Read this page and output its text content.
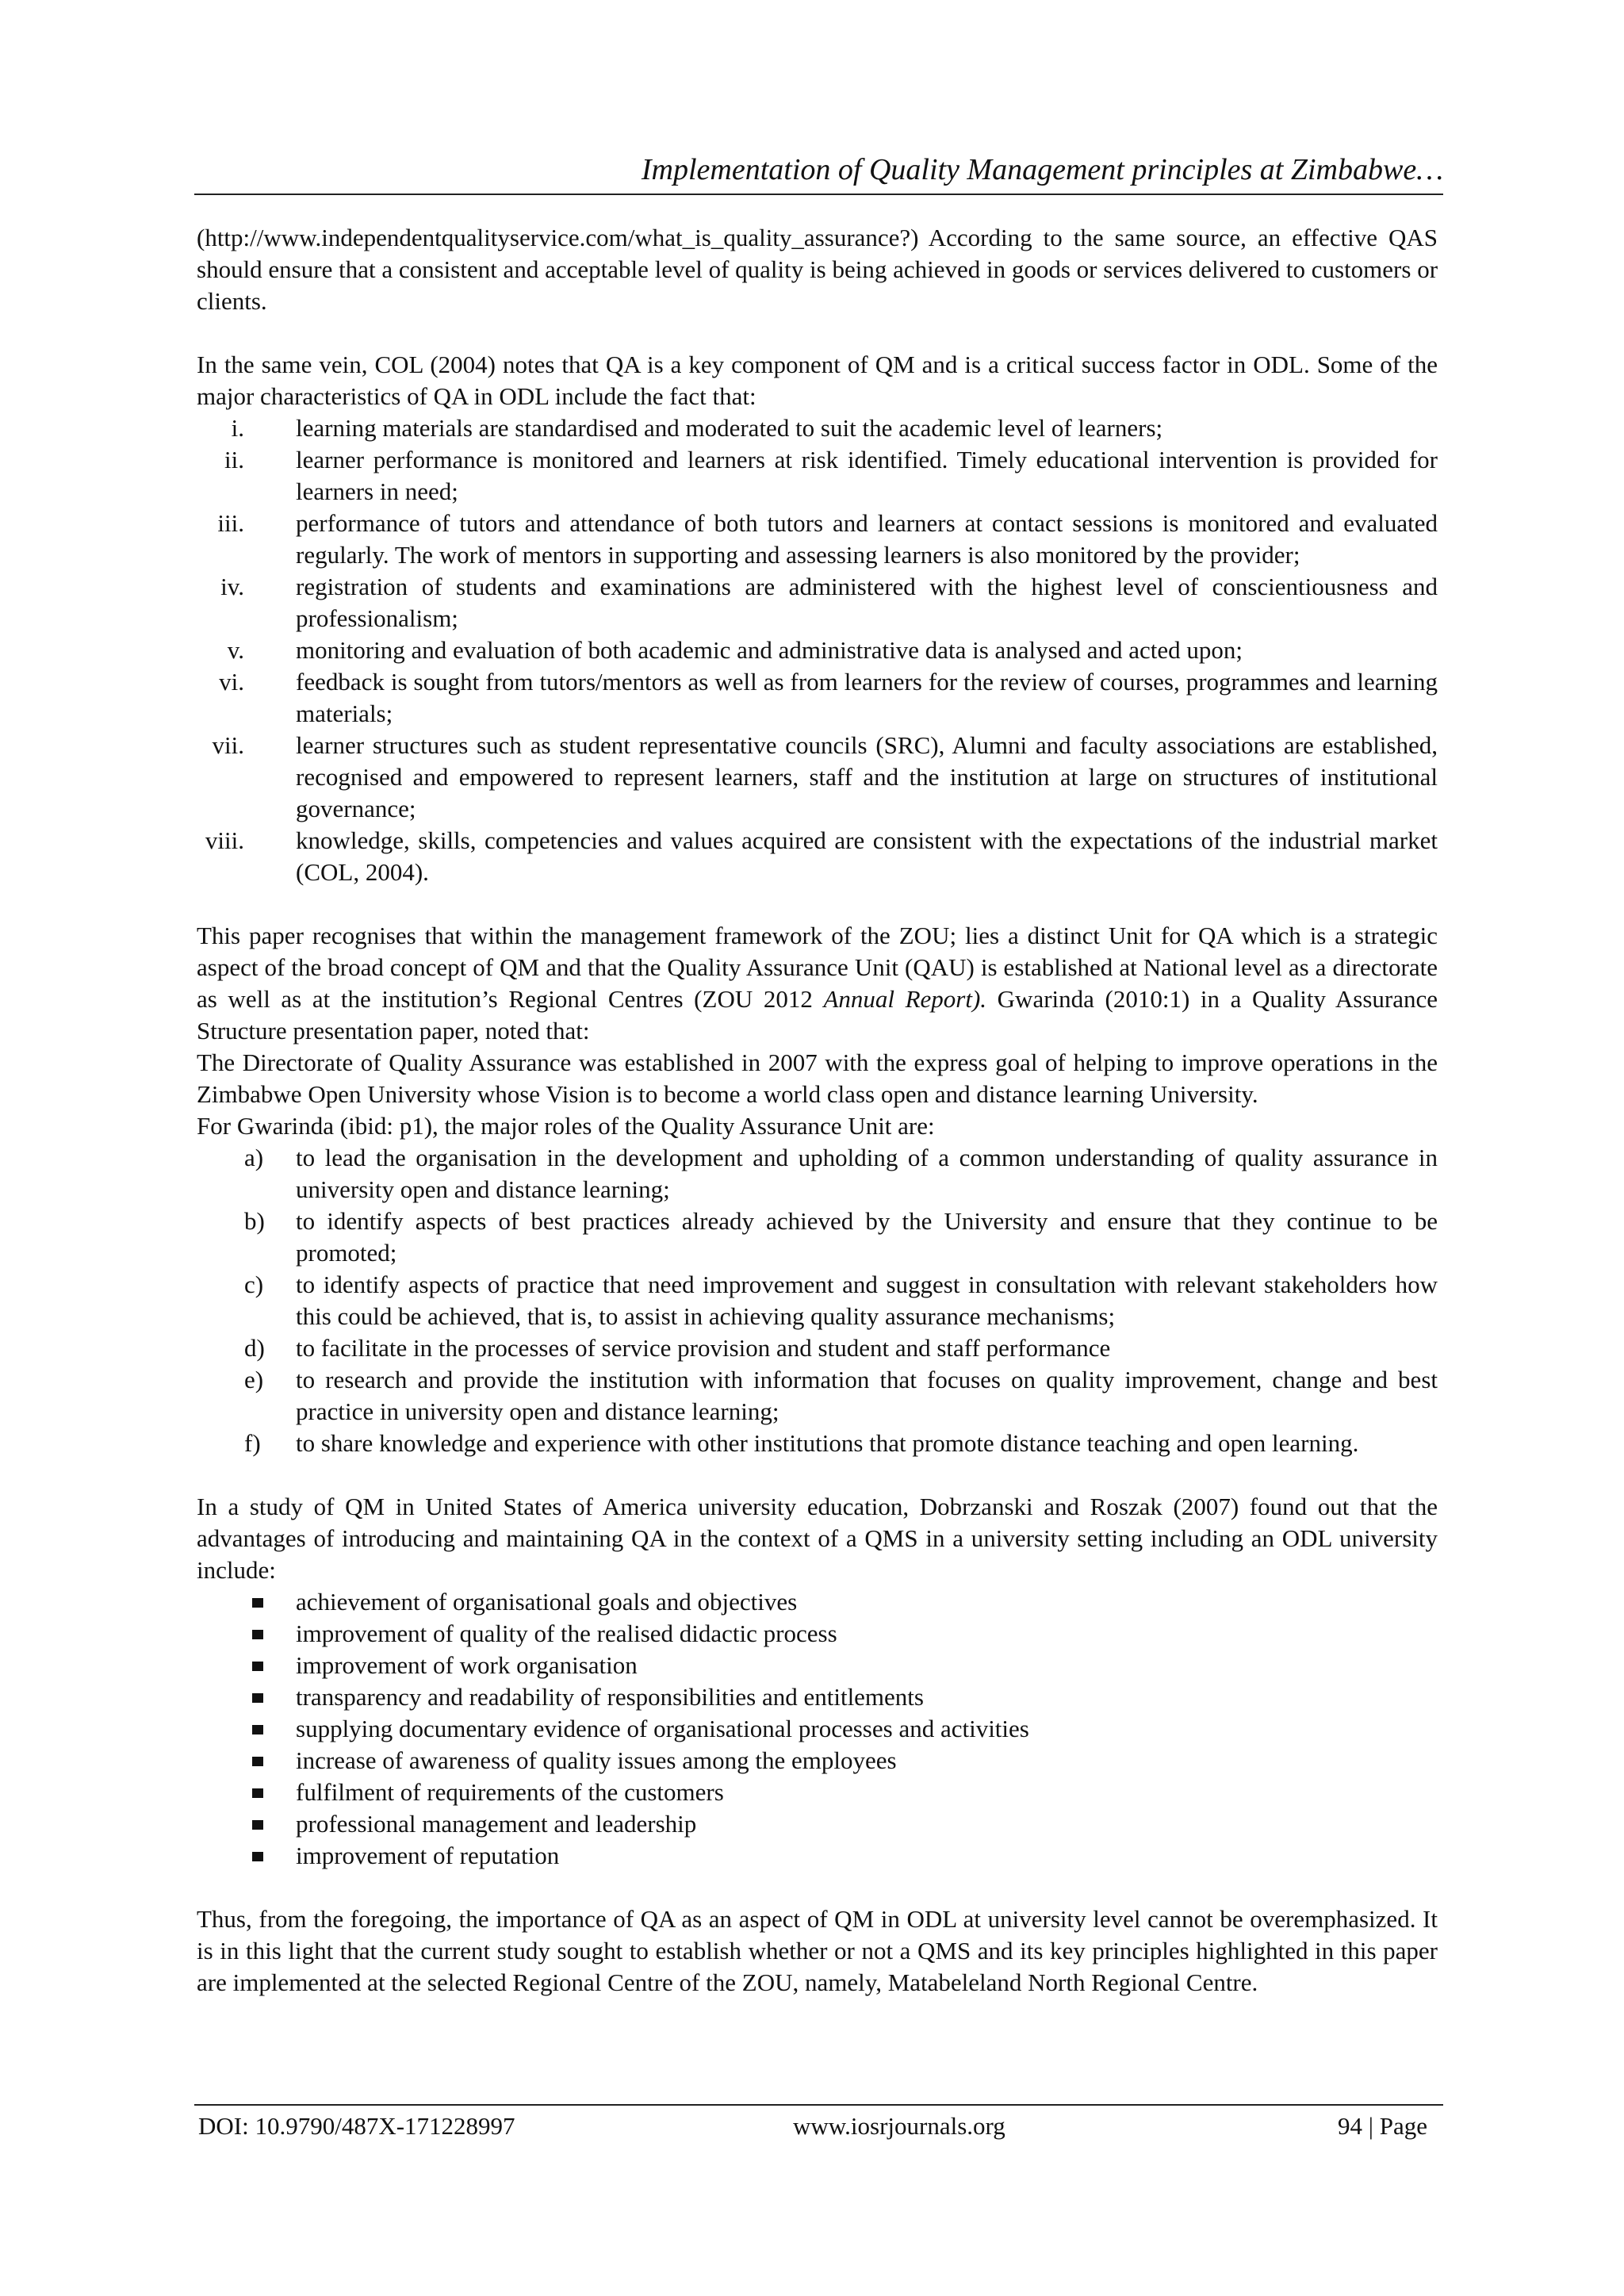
Implementation of Quality Management principles at Zimbabwe…

(http://www.independentqualityservice.com/what_is_quality_assurance?) According to the same source, an effective QAS should ensure that a consistent and acceptable level of quality is being achieved in goods or services delivered to customers or clients.

In the same vein, COL (2004) notes that QA is a key component of QM and is a critical success factor in ODL. Some of the major characteristics of QA in ODL include the fact that:

i. learning materials are standardised and moderated to suit the academic level of learners;
ii. learner performance is monitored and learners at risk identified. Timely educational intervention is provided for learners in need;
iii. performance of tutors and attendance of both tutors and learners at contact sessions is monitored and evaluated regularly. The work of mentors in supporting and assessing learners is also monitored by the provider;
iv. registration of students and examinations are administered with the highest level of conscientiousness and professionalism;
v. monitoring and evaluation of both academic and administrative data is analysed and acted upon;
vi. feedback is sought from tutors/mentors as well as from learners for the review of courses, programmes and learning materials;
vii. learner structures such as student representative councils (SRC), Alumni and faculty associations are established, recognised and empowered to represent learners, staff and the institution at large on structures of institutional governance;
viii. knowledge, skills, competencies and values acquired are consistent with the expectations of the industrial market (COL, 2004).

This paper recognises that within the management framework of the ZOU; lies a distinct Unit for QA which is a strategic aspect of the broad concept of QM and that the Quality Assurance Unit (QAU) is established at National level as a directorate as well as at the institution’s Regional Centres (ZOU 2012 Annual Report). Gwarinda (2010:1) in a Quality Assurance Structure presentation paper, noted that:

The Directorate of Quality Assurance was established in 2007 with the express goal of helping to improve operations in the Zimbabwe Open University whose Vision is to become a world class open and distance learning University.

For Gwarinda (ibid: p1), the major roles of the Quality Assurance Unit are:

a) to lead the organisation in the development and upholding of a common understanding of quality assurance in university open and distance learning;
b) to identify aspects of best practices already achieved by the University and ensure that they continue to be promoted;
c) to identify aspects of practice that need improvement and suggest in consultation with relevant stakeholders how this could be achieved, that is, to assist in achieving quality assurance mechanisms;
d) to facilitate in the processes of service provision and student and staff performance
e) to research and provide the institution with information that focuses on quality improvement, change and best practice in university open and distance learning;
f)	to share knowledge and experience with other institutions that promote distance teaching and open learning.

In a study of QM in United States of America university education, Dobrzanski and Roszak (2007) found out that the advantages of introducing and maintaining QA in the context of a QMS in a university setting including an ODL university include:

achievement of organisational goals and objectives
improvement of quality of the realised didactic process
improvement of work organisation
transparency and readability of responsibilities and entitlements
supplying documentary evidence of organisational processes and activities
increase of awareness of quality issues among the employees
fulfilment of requirements of the customers
professional management and leadership
improvement of reputation

Thus, from the foregoing, the importance of QA as an aspect of QM in ODL at university level cannot be overemphasized. It is in this light that the current study sought to establish whether or not a QMS and its key principles highlighted in this paper are implemented at the selected Regional Centre of the ZOU, namely, Matabeleland North Regional Centre.

DOI: 10.9790/487X-171228997	www.iosrjournals.org	94 | Page
